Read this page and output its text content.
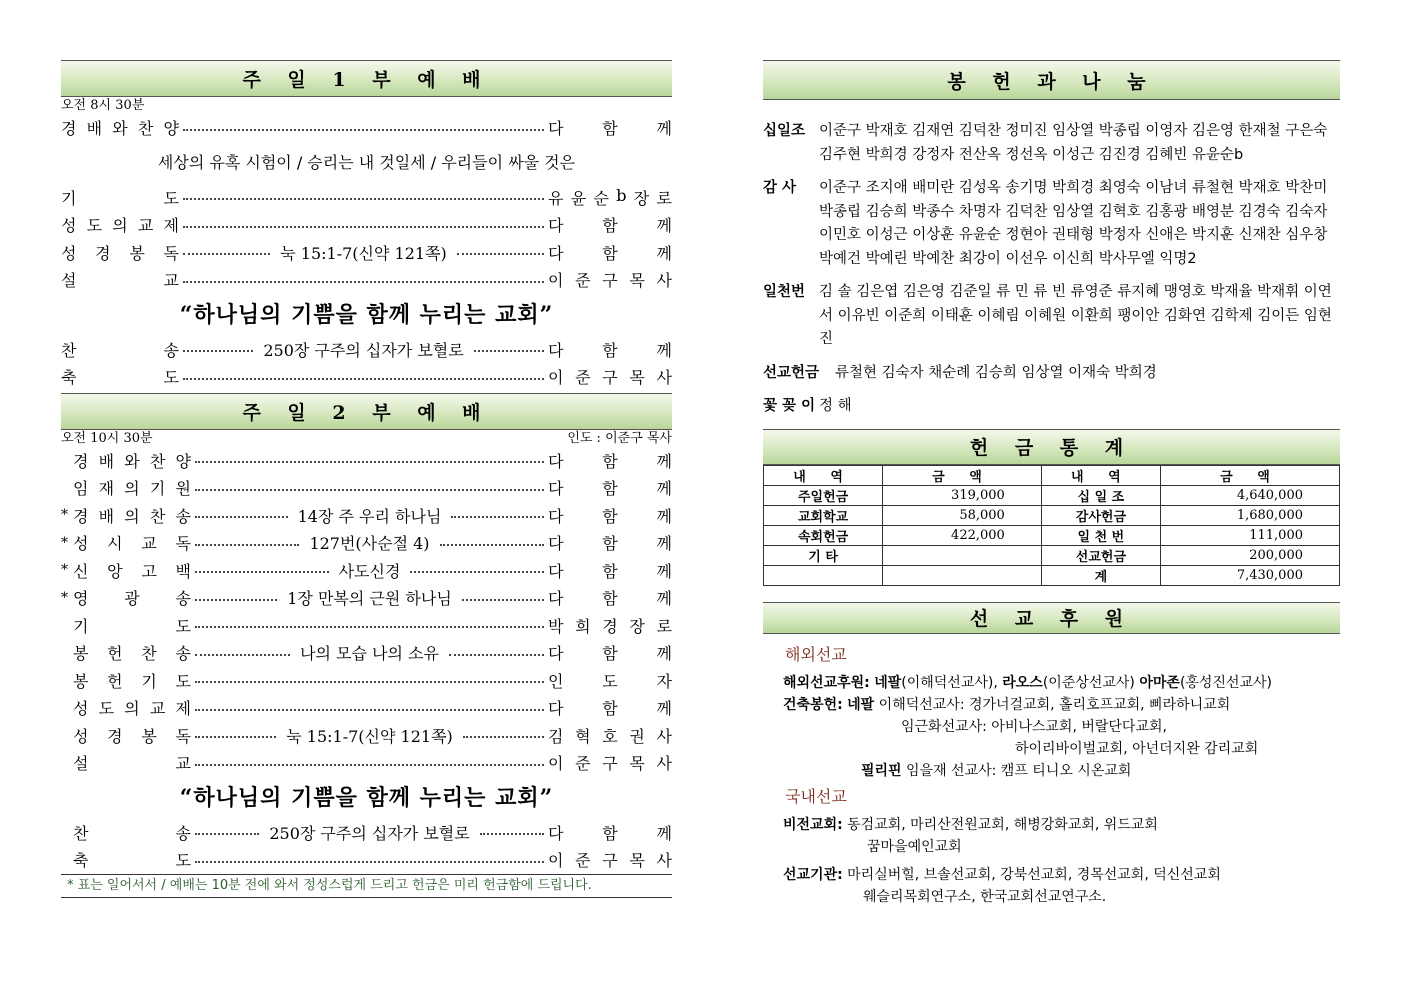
주 일 1 부 예 배
오전 8시 30분
경 배 와 찬 양	다 함 께
세상의 유혹 시험이 / 승리는 내 것일세 / 우리들이 싸울 것은
기	도	유 윤 순 b 장 로
성 도 의 교 제	다 함 께
성 경 봉 독	눅 15:1-7(신약 121쪽)	다 함 께
설	교	이 준 구 목 사
“하나님의 기쁨을 함께 누리는 교회”
찬	송	250장 구주의 십자가 보혈로	다 함 께
축	도	이 준 구 목 사
주 일 2 부 예 배
오전 10시 30분	인도 : 이준구 목사
경 배 와 찬 양	다 함 께
임 재 의 기 원	다 함 께
* 경 배 의 찬 송	14장 주 우리 하나님	다 함 께
* 성 시 교 독	127번(사순절 4)	다 함 께
* 신 앙 고 백	사도신경	다 함 께
* 영 광 송	1장 만복의 근원 하나님	다 함 께
기	도	박 희 경 장 로
봉 헌 찬 송	나의 모습 나의 소유	다 함 께
봉 헌 기 도	인 도 자
성 도 의 교 제	다 함 께
성 경 봉 독	눅 15:1-7(신약 121쪽)	김 혁 호 권 사
설	교	이 준 구 목 사
“하나님의 기쁨을 함께 누리는 교회”
찬	송	250장 구주의 십자가 보혈로	다 함 께
축	도	이 준 구 목 사
* 표는 일어서서 / 예배는 10분 전에 와서 정성스럽게 드리고 헌금은 미리 헌금함에 드립니다.
봉 헌 과 나 눔
십일조 이준구 박재호 김재연 김덕찬 정미진 임상열 박종립 이영자 김은영 한재철 구은숙 김주현 박희경 강정자 전산옥 정선옥 이성근 김진경 김혜빈 유윤순b
감 사	이준구 조지애 배미란 김성옥 송기명 박희경 최영숙 이남녀 류철현 박재호 박찬미 박종립 김승희 박종수 차명자 김덕찬 임상열 김혁호 김홍광 배영분 김경숙 김숙자 이민호 이성근 이상훈 유윤순 정현아 권태형 박정자 신애은 박지훈 신재찬 심우창 박예건 박예린 박예찬 최강이 이선우 이신희 박사무엘 익명2
일천번 김 솔 김은엽 김은영 김준일 류 민 류 빈 류영준 류지혜 맹영호 박재율 박재휘 이연서 이유빈 이준희 이태훈 이혜림 이혜원 이환희 팽이안 김화연 김학제 김이든 임현진
선교헌금	류철현 김숙자 채순례 김승희 임상열 이재숙 박희경
꽃 꽂 이 정 해
헌 금 통 계
내 역	금 액	내 역	금 액
주일헌금	319,000	십 일 조	4,640,000
교회학교	58,000	감사헌금	1,680,000
속회헌금	422,000	일 천 번	111,000
기 타		선교헌금	200,000
		계	7,430,000
선 교 후 원
해외선교
해외선교후원: 네팔(이해덕선교사), 라오스(이준상선교사) 아마존(홍성진선교사)
건축봉헌: 네팔 이해덕선교사: 경가너걸교회, 홀리호프교회, 삐라하니교회
임근화선교사: 아비나스교회, 버랄단다교회,
하이리바이벌교회, 아넌더지완 감리교회
필리핀 임을재 선교사: 캠프 티니오 시온교회
국내선교
비전교회: 동검교회, 마리산전원교회, 해병강화교회, 위드교회
꿈마을예인교회
선교기관: 마리실버힐, 브솔선교회, 강북선교회, 경목선교회, 덕신선교회
웨슬리목회연구소, 한국교회선교연구소.
